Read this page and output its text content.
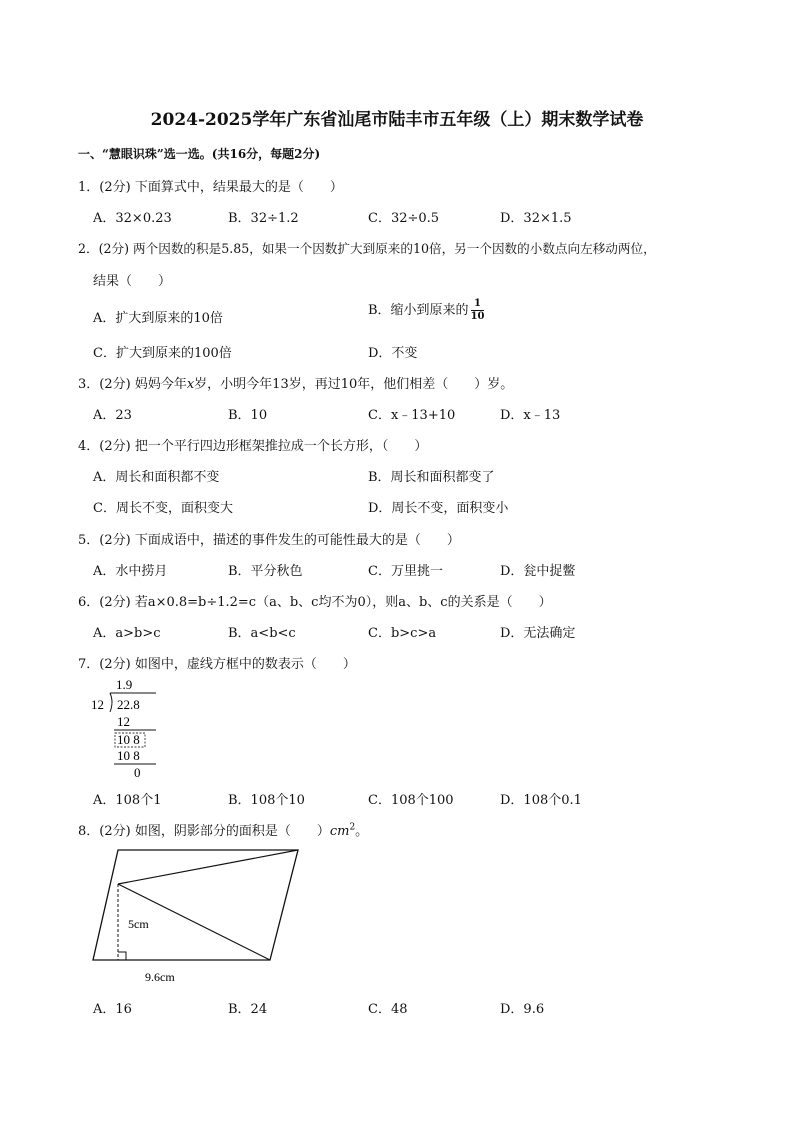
2024-2025学年广东省汕尾市陆丰市五年级（上）期末数学试卷
一、“慧眼识珠”选一选。(共16分，每题2分)
1．(2分) 下面算式中，结果最大的是（　　）
A．32×0.23	B．32÷1.2	C．32÷0.5	D．32×1.5
2．(2分) 两个因数的积是5.85，如果一个因数扩大到原来的10倍，另一个因数的小数点向左移动两位，
结果（　　）
A．扩大到原来的10倍
B．缩小到原来的 $\frac{1}{10}$
C．扩大到原来的100倍	D．不变
3．(2分) 妈妈今年x岁，小明今年13岁，再过10年，他们相差（　　）岁。
A．23	B．10	C．x﹣13+10	D．x﹣13
4．(2分) 把一个平行四边形框架推拉成一个长方形，（　　）
A．周长和面积都不变	B．周长和面积都变了
C．周长不变，面积变大	D．周长不变，面积变小
5．(2分) 下面成语中，描述的事件发生的可能性最大的是（　　）
A．水中捞月	B．平分秋色	C．万里挑一	D．瓮中捉鳖
6．(2分) 若a×0.8=b÷1.2=c（a、b、c均不为0），则a、b、c的关系是（　　）
A．a>b>c	B．a<b<c	C．b>c>a	D．无法确定
7．(2分) 如图中，虚线方框中的数表示（　　）
1.9
12 22.8
12
10 8
10 8
0
A．108个1	B．108个10	C．108个100	D．108个0.1
8．(2分) 如图，阴影部分的面积是（　　）$cm^2$。
5cm
9.6cm
A．16	B．24	C．48	D．9.6
